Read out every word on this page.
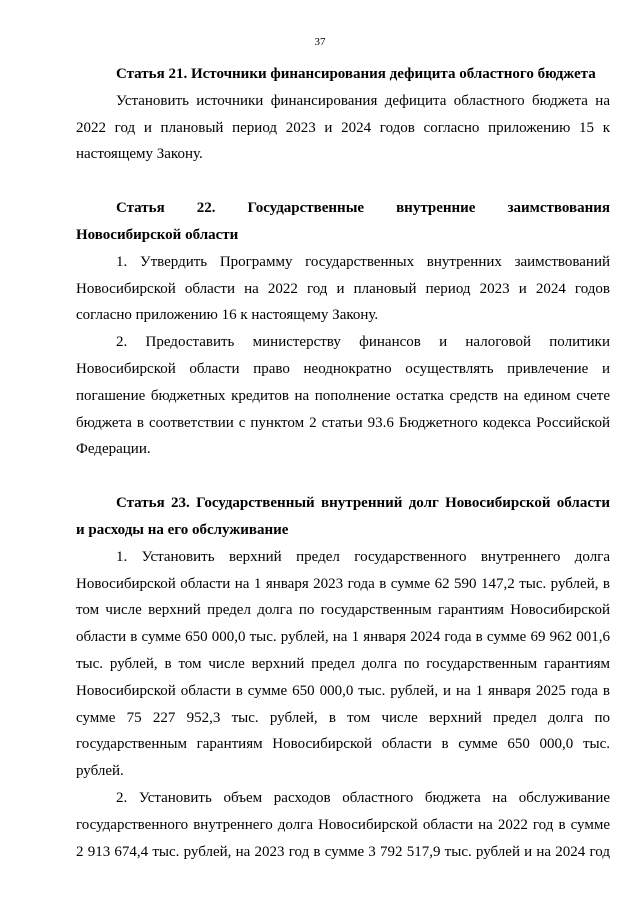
37
Статья 21. Источники финансирования дефицита областного бюджета
Установить источники финансирования дефицита областного бюджета на
2022 год и плановый период 2023 и 2024 годов согласно приложению 15 к
настоящему Закону.
Статья 22. Государственные внутренние заимствования
Новосибирской области
1. Утвердить Программу государственных внутренних заимствований
Новосибирской области на 2022 год и плановый период 2023 и 2024 годов
согласно приложению 16 к настоящему Закону.
2. Предоставить министерству финансов и налоговой политики
Новосибирской области право неоднократно осуществлять привлечение и
погашение бюджетных кредитов на пополнение остатка средств на едином счете
бюджета в соответствии с пунктом 2 статьи 93.6 Бюджетного кодекса Российской
Федерации.
Статья 23. Государственный внутренний долг Новосибирской области
и расходы на его обслуживание
1. Установить верхний предел государственного внутреннего долга
Новосибирской области на 1 января 2023 года в сумме 62 590 147,2 тыс. рублей, в
том числе верхний предел долга по государственным гарантиям Новосибирской
области в сумме 650 000,0 тыс. рублей, на 1 января 2024 года в сумме 69 962 001,6
тыс. рублей, в том числе верхний предел долга по государственным гарантиям
Новосибирской области в сумме 650 000,0 тыс. рублей, и на 1 января 2025 года в
сумме 75 227 952,3 тыс. рублей, в том числе верхний предел долга по
государственным гарантиям Новосибирской области в сумме 650 000,0 тыс.
рублей.
2. Установить объем расходов областного бюджета на обслуживание
государственного внутреннего долга Новосибирской области на 2022 год в сумме
2 913 674,4 тыс. рублей, на 2023 год в сумме 3 792 517,9 тыс. рублей и на 2024 год
